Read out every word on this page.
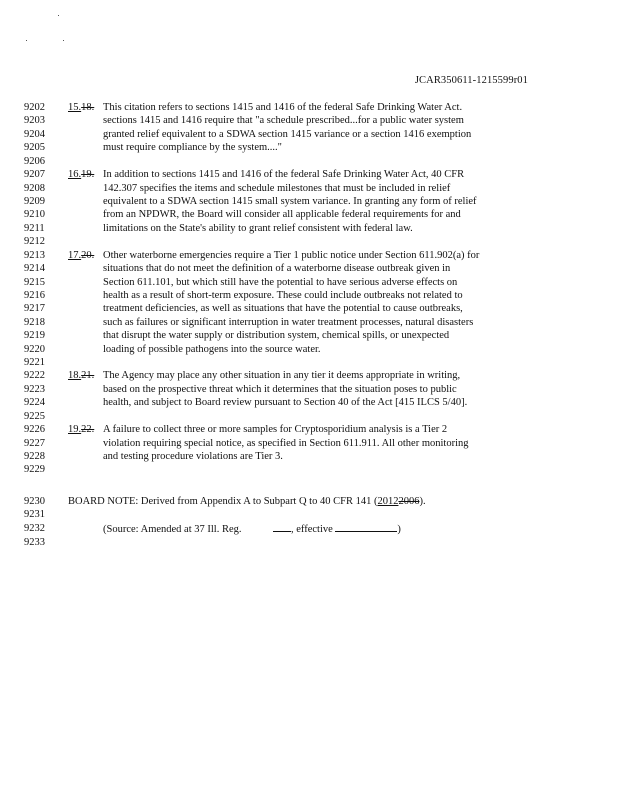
JCAR350611-1215599r01
9202 15.18. This citation refers to sections 1415 and 1416 of the federal Safe Drinking Water Act.
9203	sections 1415 and 1416 require that "a schedule prescribed...for a public water system
9204	granted relief equivalent to a SDWA section 1415 variance or a section 1416 exemption
9205	must require compliance by the system...."
9206
9207 16.19. In addition to sections 1415 and 1416 of the federal Safe Drinking Water Act, 40 CFR
9208	142.307 specifies the items and schedule milestones that must be included in relief
9209	equivalent to a SDWA section 1415 small system variance. In granting any form of relief
9210	from an NPDWR, the Board will consider all applicable federal requirements for and
9211	limitations on the State's ability to grant relief consistent with federal law.
9212
9213 17.20. Other waterborne emergencies require a Tier 1 public notice under Section 611.902(a) for
9214	situations that do not meet the definition of a waterborne disease outbreak given in
9215	Section 611.101, but which still have the potential to have serious adverse effects on
9216	health as a result of short-term exposure. These could include outbreaks not related to
9217	treatment deficiencies, as well as situations that have the potential to cause outbreaks,
9218	such as failures or significant interruption in water treatment processes, natural disasters
9219	that disrupt the water supply or distribution system, chemical spills, or unexpected
9220	loading of possible pathogens into the source water.
9221
9222 18.21. The Agency may place any other situation in any tier it deems appropriate in writing,
9223	based on the prospective threat which it determines that the situation poses to public
9224	health, and subject to Board review pursuant to Section 40 of the Act [415 ILCS 5/40].
9225
9226 19.22. A failure to collect three or more samples for Cryptosporidium analysis is a Tier 2
9227	violation requiring special notice, as specified in Section 611.911. All other monitoring
9228	and testing procedure violations are Tier 3.
9229
9230 BOARD NOTE: Derived from Appendix A to Subpart Q to 40 CFR 141 (20122006).
9231
9232	(Source: Amended at 37 Ill. Reg.	, effective	)
9233
